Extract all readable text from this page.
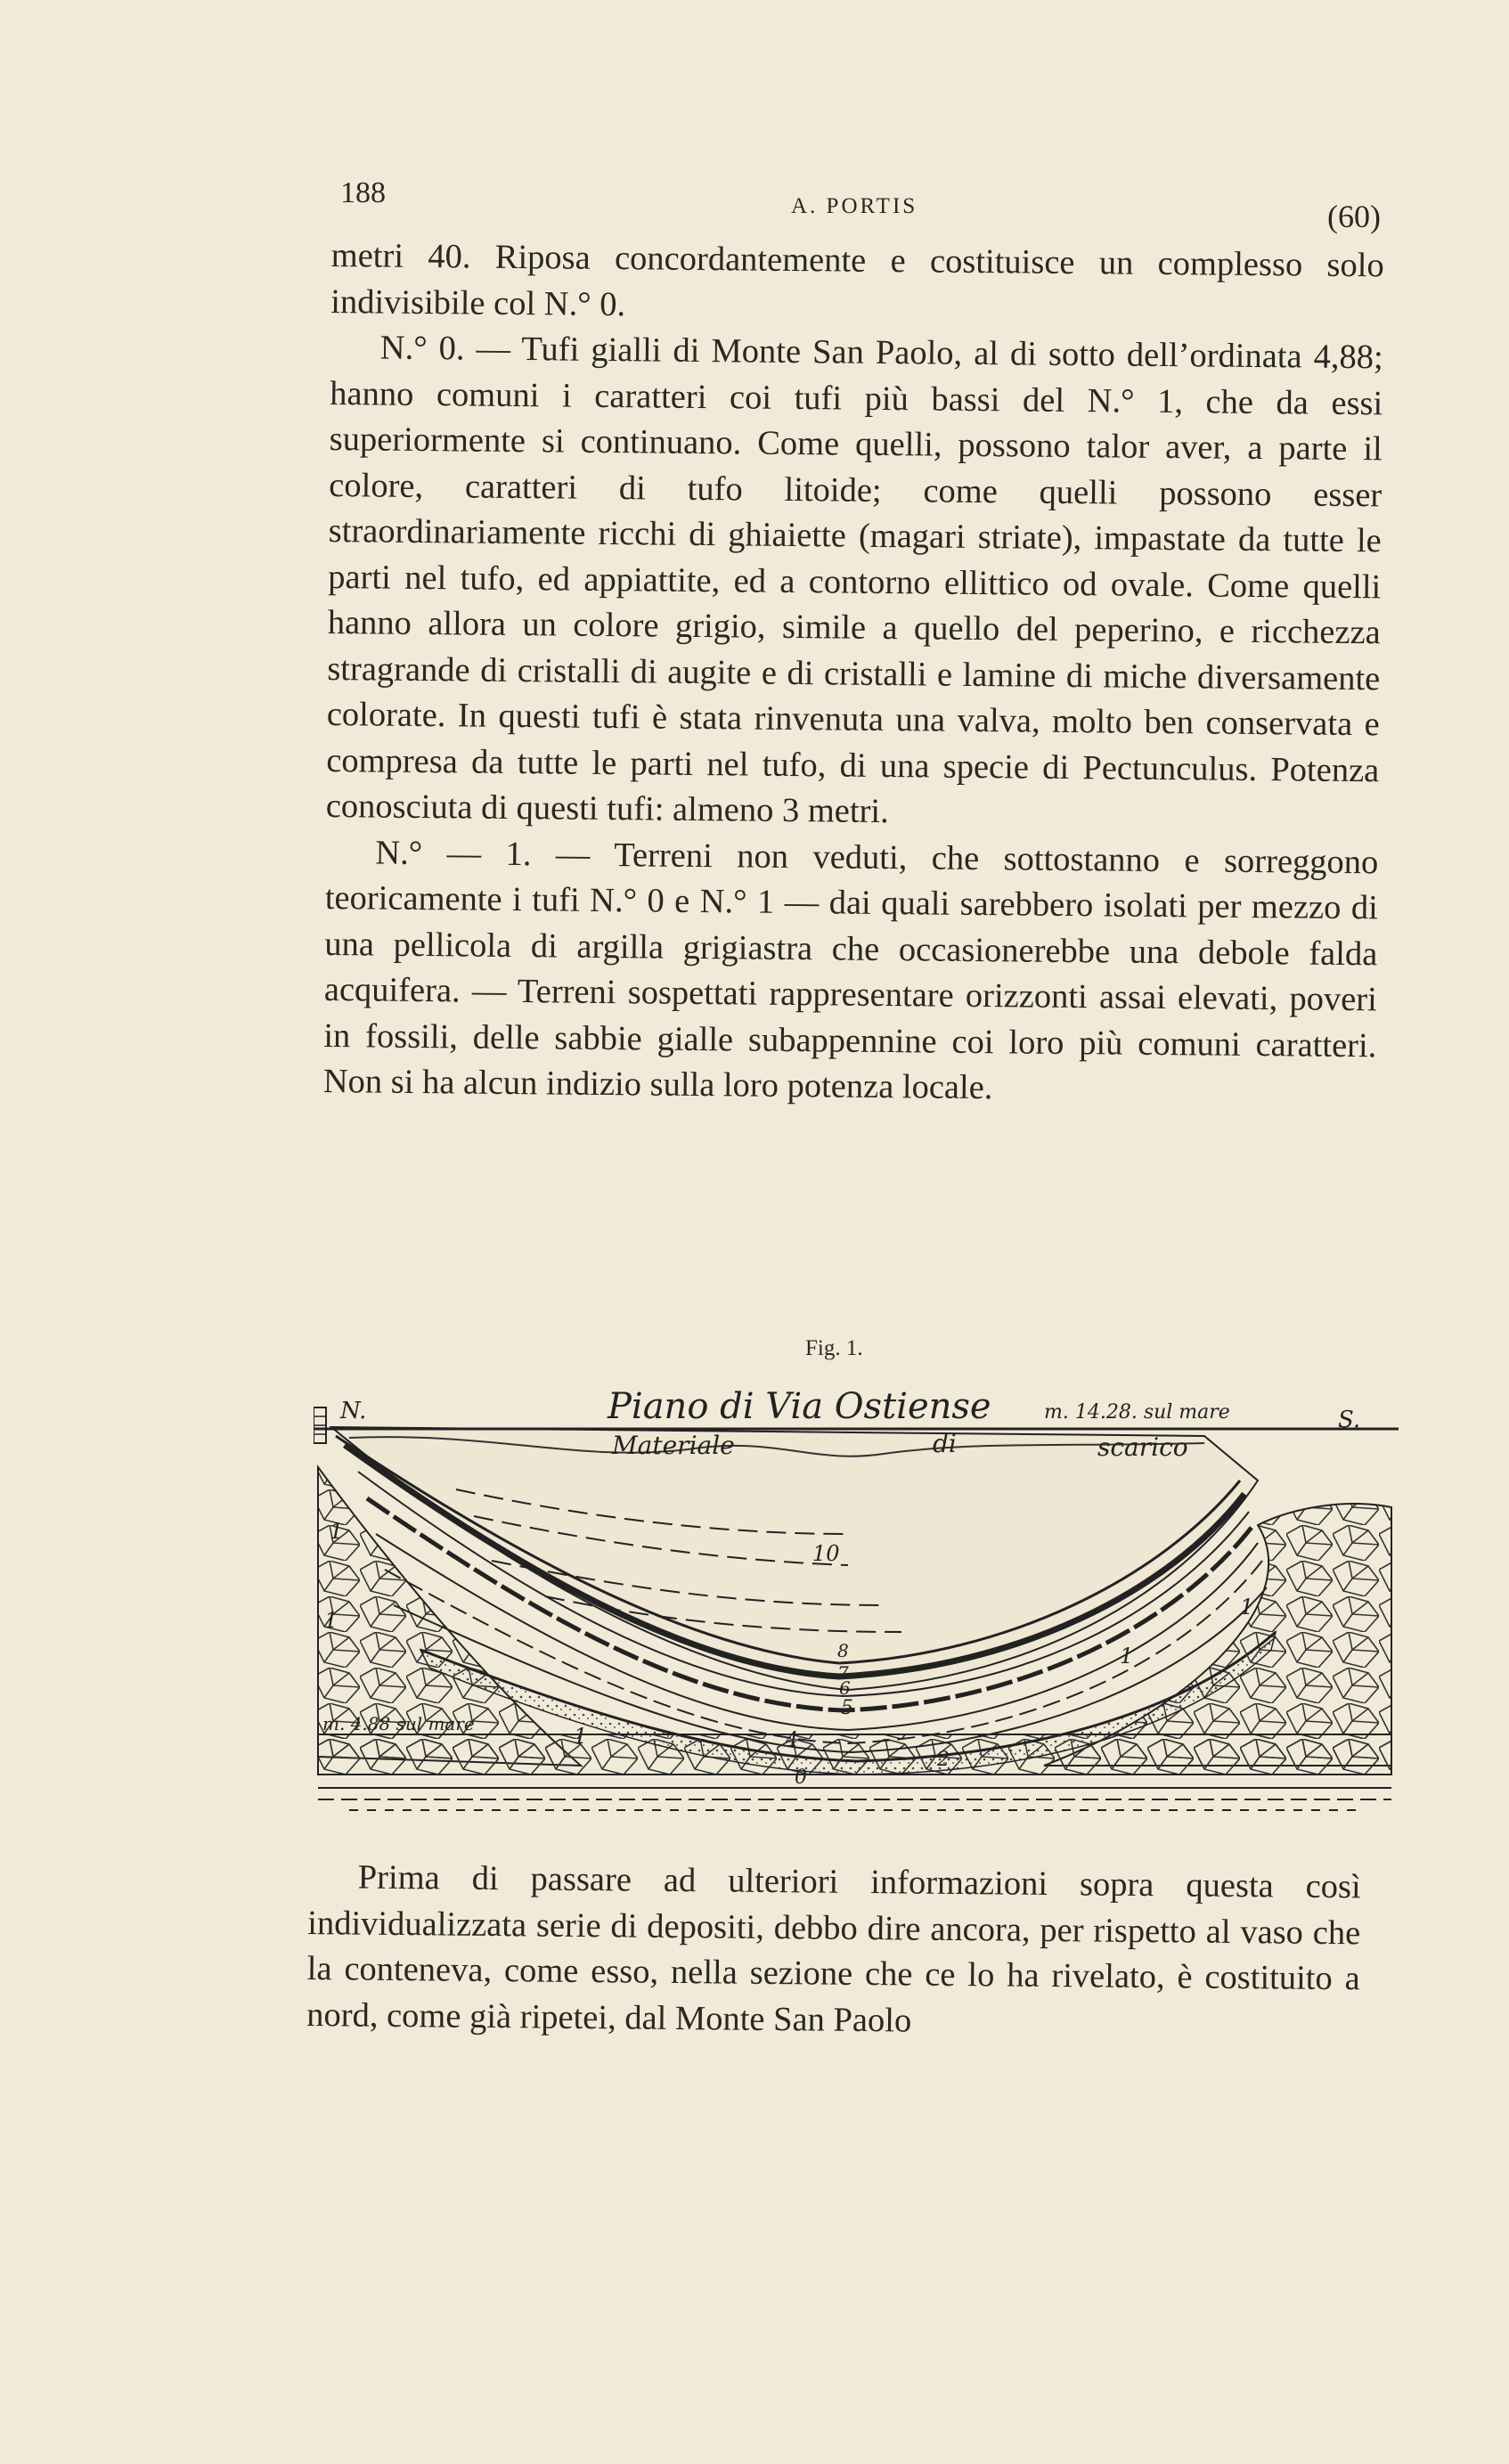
188	A. PORTIS	(60)

metri 40. Riposa concordantemente e costituisce un complesso solo indivisibile col N.° 0.

N.° 0. — Tufi gialli di Monte San Paolo, al di sotto dell’ordinata 4,88; hanno comuni i caratteri coi tufi più bassi del N.° 1, che da essi superiormente si continuano. Come quelli, possono talor aver, a parte il colore, caratteri di tufo litoide; come quelli possono esser straordinariamente ricchi di ghiaiette (magari striate), impastate da tutte le parti nel tufo, ed appiattite, ed a contorno ellittico od ovale. Come quelli hanno allora un colore grigio, simile a quello del peperino, e ricchezza stragrande di cristalli di augite e di cristalli e lamine di miche diversamente colorate. In questi tufi è stata rinvenuta una valva, molto ben conservata e compresa da tutte le parti nel tufo, di una specie di Pectunculus. Potenza conosciuta di questi tufi: almeno 3 metri.

N.° — 1. — Terreni non veduti, che sottostanno e sorreggono teoricamente i tufi N.° 0 e N.° 1 — dai quali sarebbero isolati per mezzo di una pellicola di argilla grigiastra che occasionerebbe una debole falda acquifera. — Terreni sospettati rappresentare orizzonti assai elevati, poveri in fossili, delle sabbie gialle subappennine coi loro più comuni caratteri. Non si ha alcun indizio sulla loro potenza locale.

Fig. 1.
N.	S.
Piano di Via Ostiense	m. 14.28. sul mare
Materiale	di	scarico
m. 4.88 sul mare
10
8
7
6
5
4
2
1
1
1
1
1
0

Prima di passare ad ulteriori informazioni sopra questa così individualizzata serie di depositi, debbo dire ancora, per rispetto al vaso che la conteneva, come esso, nella sezione che ce lo ha rivelato, è costituito a nord, come già ripetei, dal Monte San Paolo
